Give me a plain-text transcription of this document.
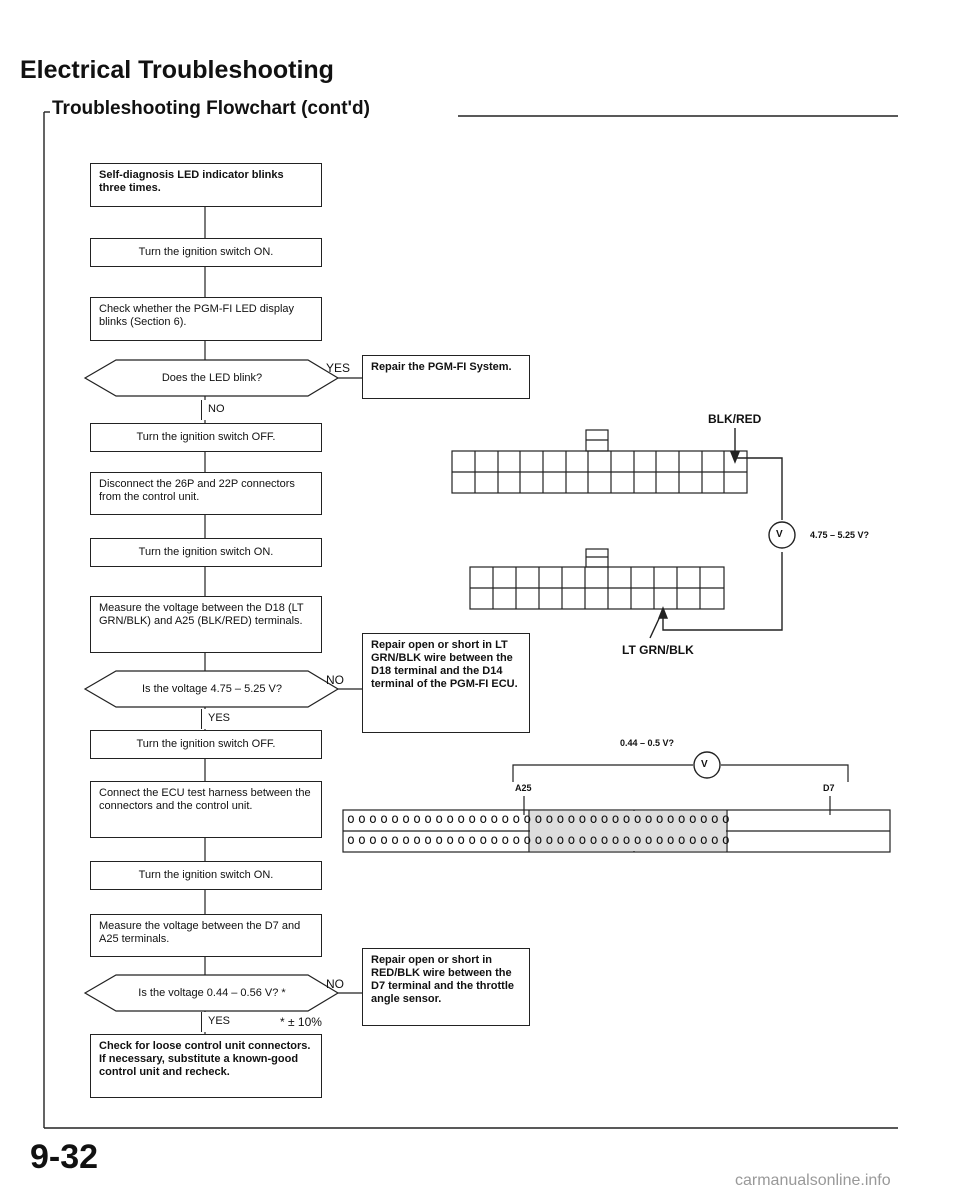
Electrical Troubleshooting
Troubleshooting Flowchart (cont'd)
ooooooooooooooooooooooooooooooooooo
ooooooooooooooooooooooooooooooooooo
Self-diagnosis LED indicator blinks three times.
Turn the ignition switch ON.
Check whether the PGM-FI LED display blinks (Section 6).
Does the LED blink?
YES	Repair the PGM-FI System.
NO
Turn the ignition switch OFF.
Disconnect the 26P and 22P connectors from the control unit.
Turn the ignition switch ON.
Measure the voltage between the D18 (LT GRN/BLK) and A25 (BLK/RED) terminals.
Is the voltage 4.75 – 5.25 V?
NO
Repair open or short in LT GRN/BLK wire between the D18 terminal and the D14 terminal of the PGM-FI ECU.
YES
Turn the ignition switch OFF.
Connect the ECU test harness between the connectors and the control unit.
Turn the ignition switch ON.
Measure the voltage between the D7 and A25 terminals.
Is the voltage 0.44 – 0.56 V? *
NO
Repair open or short in RED/BLK wire between the D7 terminal and the throttle angle sensor.
YES	* ± 10%
Check for loose control unit connectors. If necessary, substitute a known-good control unit and recheck.
BLK/RED
V	4.75 – 5.25 V?
LT GRN/BLK
0.44 – 0.5 V?
V
A25	D7
9-32
carmanualsonline.info
